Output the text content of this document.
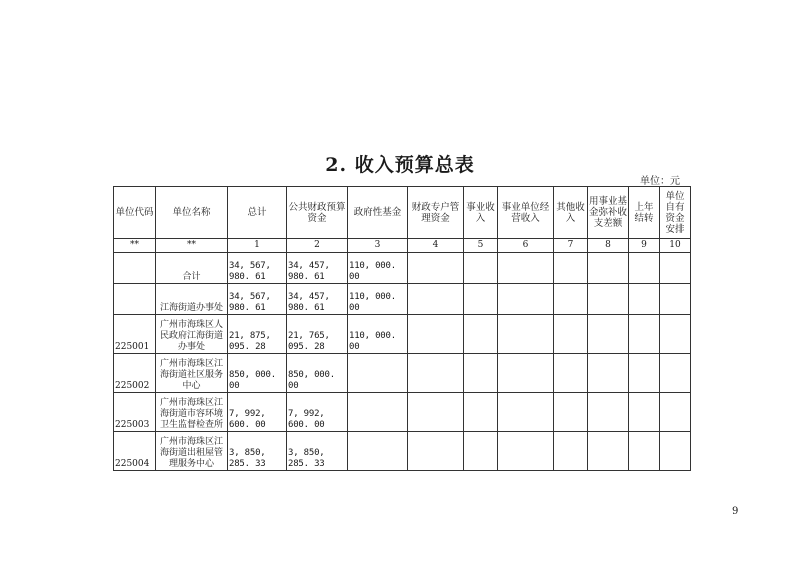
2. 收入预算总表
单位：元
单位代码	单位名称	总计	公共财政预算资金	政府性基金	财政专户管理资金	事业收入	事业单位经营收入	其他收入	用事业基金弥补收支差额	上年结转	单位自有资金安排
**	**	1	2	3	4	5	6	7	8	9	10
	合计	34, 567, 980. 61	34, 457, 980. 61	110, 000. 00							
	江海街道办事处	34, 567, 980. 61	34, 457, 980. 61	110, 000. 00							
225001	广州市海珠区人民政府江海街道办事处	21, 875, 095. 28	21, 765, 095. 28	110, 000. 00							
225002	广州市海珠区江海街道社区服务中心	850, 000. 00	850, 000. 00								
225003	广州市海珠区江海街道市容环境卫生监督检查所	7, 992, 600. 00	7, 992, 600. 00								
225004	广州市海珠区江海街道出租屋管理服务中心	3, 850, 285. 33	3, 850, 285. 33								
9
